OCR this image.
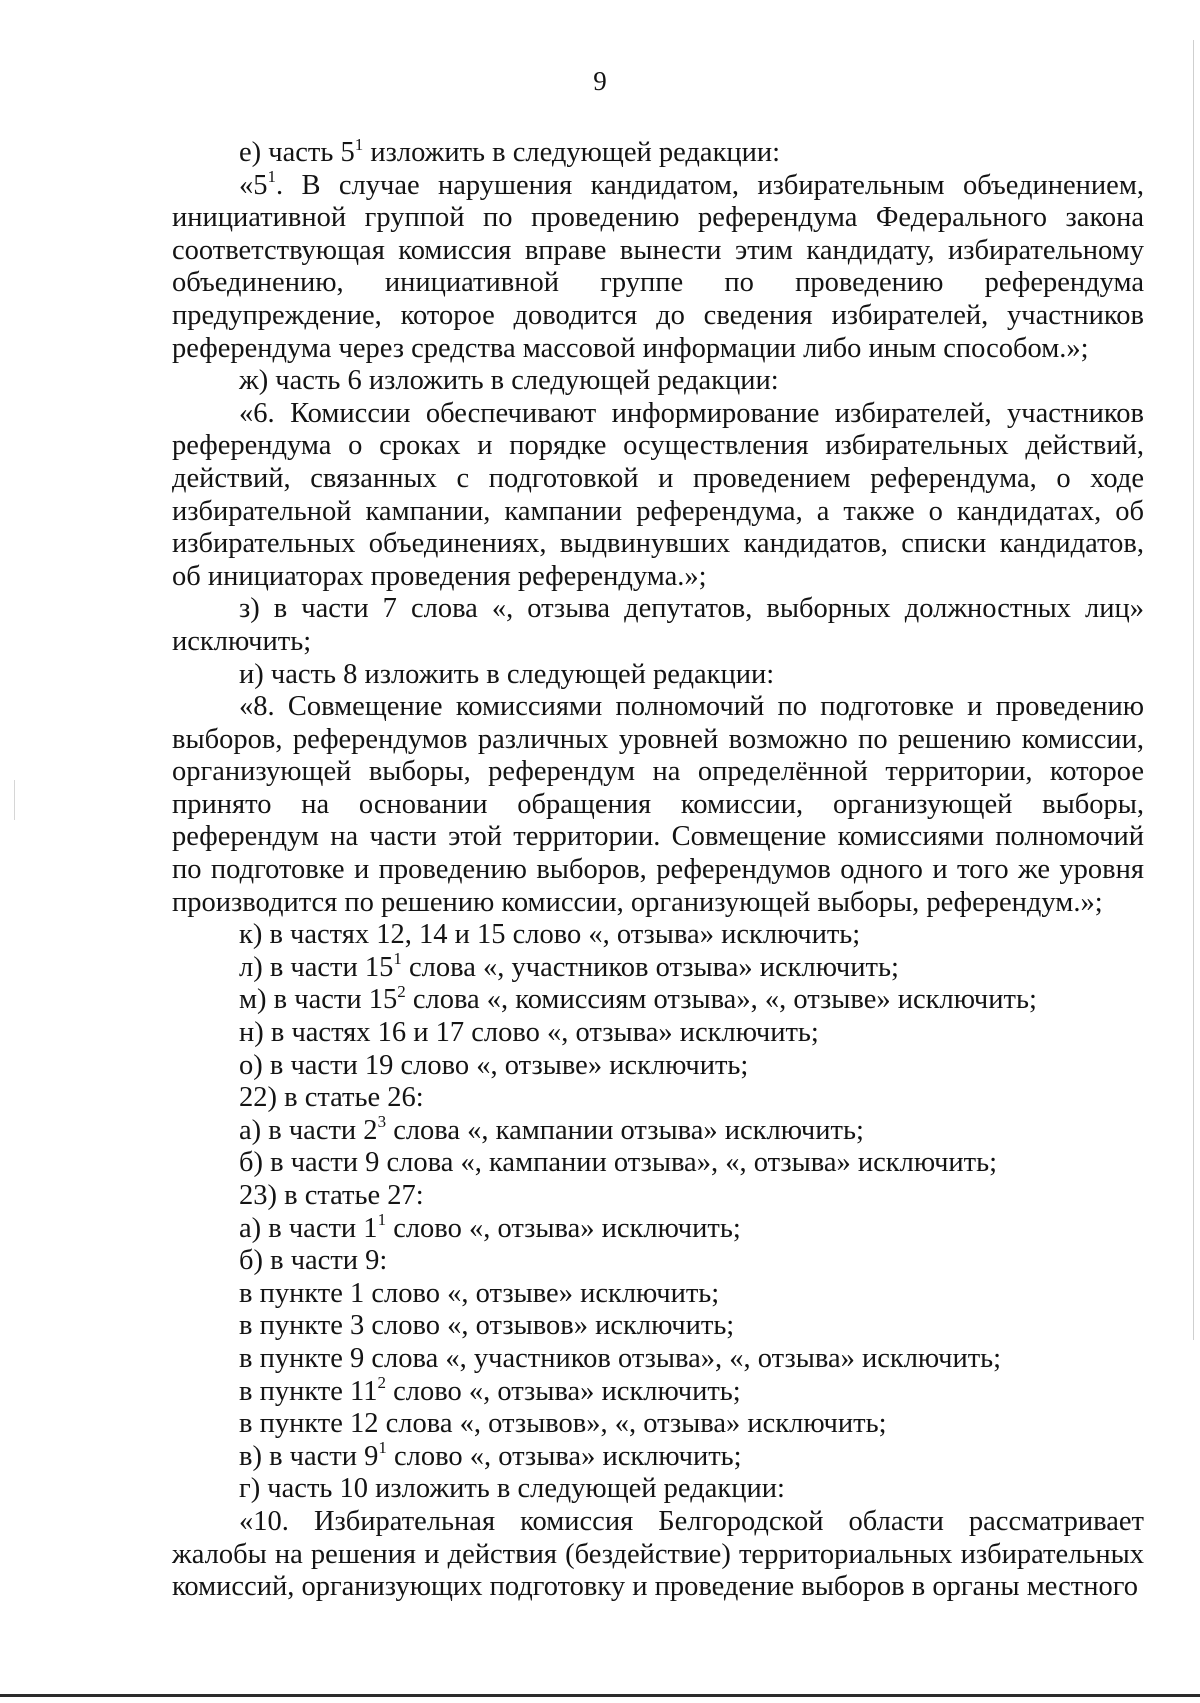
9

е) часть $5^1$ изложить в следующей редакции:

«$5^1$. В случае нарушения кандидатом, избирательным объединением, инициативной группой по проведению референдума Федерального закона соответствующая комиссия вправе вынести этим кандидату, избирательному объединению, инициативной группе по проведению референдума предупреждение, которое доводится до сведения избирателей, участников референдума через средства массовой информации либо иным способом.»;

ж) часть 6 изложить в следующей редакции:

«6. Комиссии обеспечивают информирование избирателей, участников референдума о сроках и порядке осуществления избирательных действий, действий, связанных с подготовкой и проведением референдума, о ходе избирательной кампании, кампании референдума, а также о кандидатах, об избирательных объединениях, выдвинувших кандидатов, списки кандидатов, об инициаторах проведения референдума.»;

з) в части 7 слова «, отзыва депутатов, выборных должностных лиц» исключить;

и) часть 8 изложить в следующей редакции:

«8. Совмещение комиссиями полномочий по подготовке и проведению выборов, референдумов различных уровней возможно по решению комиссии, организующей выборы, референдум на определённой территории, которое принято на основании обращения комиссии, организующей выборы, референдум на части этой территории. Совмещение комиссиями полномочий по подготовке и проведению выборов, референдумов одного и того же уровня производится по решению комиссии, организующей выборы, референдум.»;

к) в частях 12, 14 и 15 слово «, отзыва» исключить;

л) в части $15^1$ слова «, участников отзыва» исключить;

м) в части $15^2$ слова «, комиссиям отзыва», «, отзыве» исключить;

н) в частях 16 и 17 слово «, отзыва» исключить;

о) в части 19 слово «, отзыве» исключить;

22) в статье 26:

а) в части $2^3$ слова «, кампании отзыва» исключить;

б) в части 9 слова «, кампании отзыва», «, отзыва» исключить;

23) в статье 27:

а) в части $1^1$ слово «, отзыва» исключить;

б) в части 9:

в пункте 1 слово «, отзыве» исключить;

в пункте 3 слово «, отзывов» исключить;

в пункте 9 слова «, участников отзыва», «, отзыва» исключить;

в пункте $11^2$ слово «, отзыва» исключить;

в пункте 12 слова «, отзывов», «, отзыва» исключить;

в) в части $9^1$ слово «, отзыва» исключить;

г) часть 10 изложить в следующей редакции:

«10. Избирательная комиссия Белгородской области рассматривает жалобы на решения и действия (бездействие) территориальных избирательных комиссий, организующих подготовку и проведение выборов в органы местного
